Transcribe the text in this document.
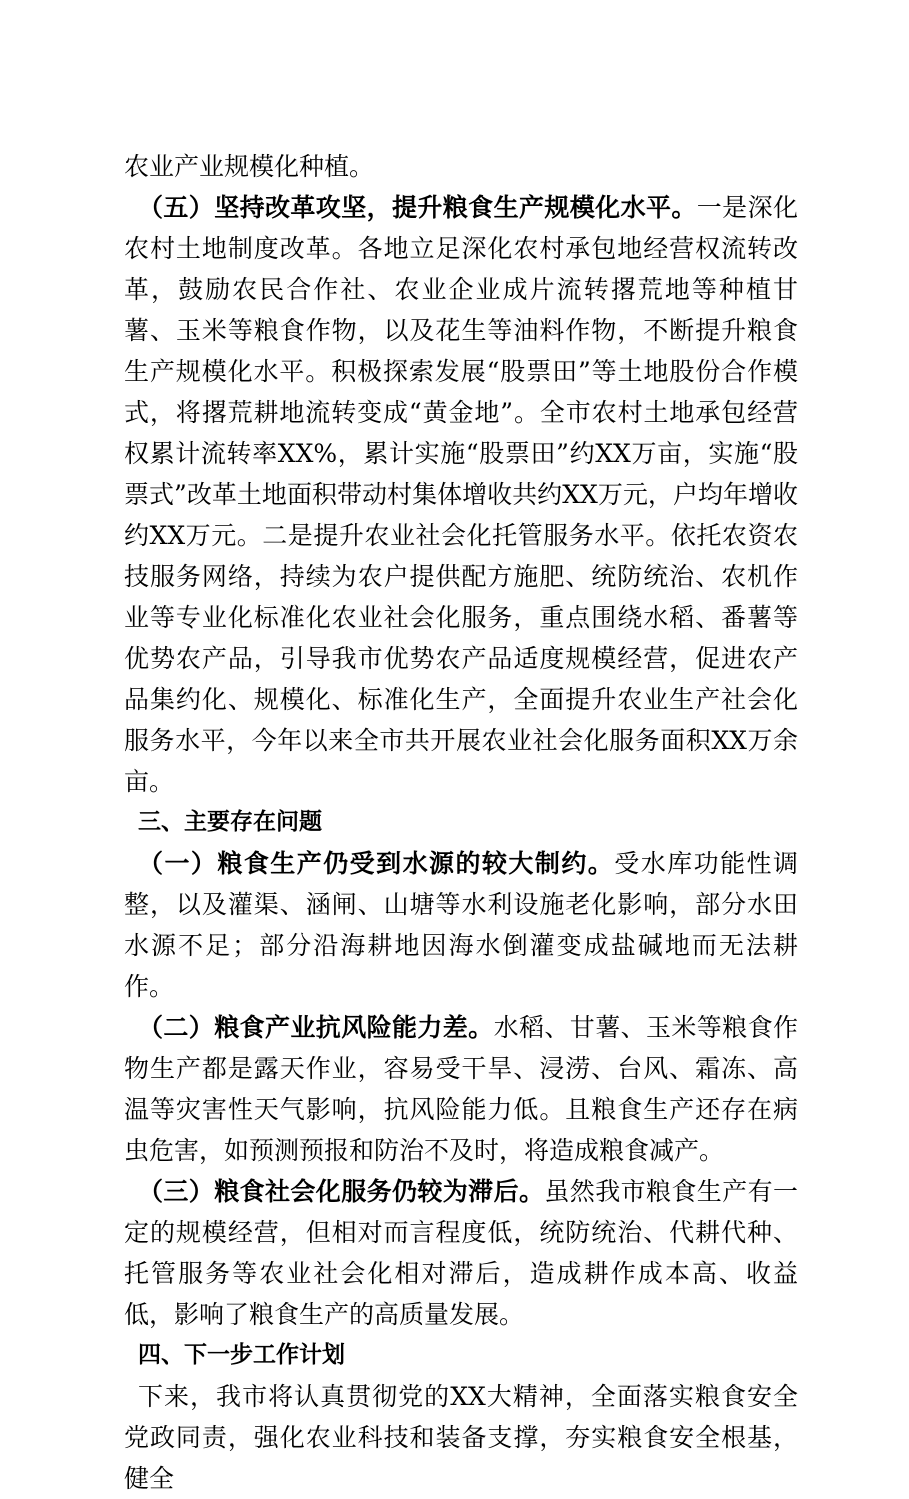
农业产业规模化种植。

（五）坚持改革攻坚，提升粮食生产规模化水平。一是深化农村土地制度改革。各地立足深化农村承包地经营权流转改革，鼓励农民合作社、农业企业成片流转撂荒地等种植甘薯、玉米等粮食作物，以及花生等油料作物，不断提升粮食生产规模化水平。积极探索发展“股票田”等土地股份合作模式，将撂荒耕地流转变成“黄金地”。全市农村土地承包经营权累计流转率XX%，累计实施“股票田”约XX万亩，实施“股票式”改革土地面积带动村集体增收共约XX万元，户均年增收约XX万元。二是提升农业社会化托管服务水平。依托农资农技服务网络，持续为农户提供配方施肥、统防统治、农机作业等专业化标准化农业社会化服务，重点围绕水稻、番薯等优势农产品，引导我市优势农产品适度规模经营，促进农产品集约化、规模化、标准化生产，全面提升农业生产社会化服务水平，今年以来全市共开展农业社会化服务面积XX万余亩。

三、主要存在问题

（一）粮食生产仍受到水源的较大制约。受水库功能性调整，以及灌渠、涵闸、山塘等水利设施老化影响，部分水田水源不足；部分沿海耕地因海水倒灌变成盐碱地而无法耕作。

（二）粮食产业抗风险能力差。水稻、甘薯、玉米等粮食作物生产都是露天作业，容易受干旱、浸涝、台风、霜冻、高温等灾害性天气影响，抗风险能力低。且粮食生产还存在病虫危害，如预测预报和防治不及时，将造成粮食减产。

（三）粮食社会化服务仍较为滞后。虽然我市粮食生产有一定的规模经营，但相对而言程度低，统防统治、代耕代种、托管服务等农业社会化相对滞后，造成耕作成本高、收益低，影响了粮食生产的高质量发展。

四、下一步工作计划

下来，我市将认真贯彻党的XX大精神，全面落实粮食安全党政同责，强化农业科技和装备支撑，夯实粮食安全根基，健全
